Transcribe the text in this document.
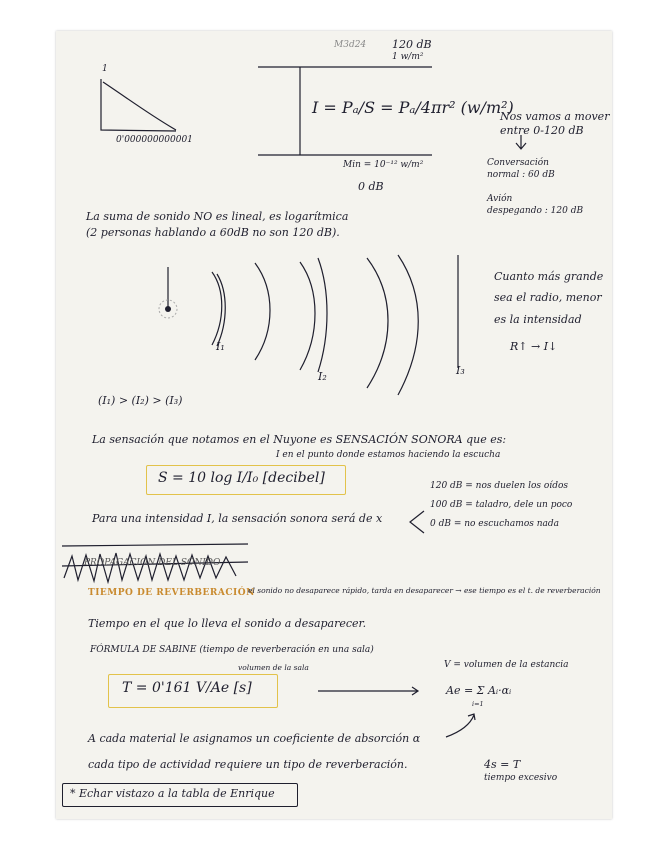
M3d24 120 dB
1 w/m²
1
0'000000000001
I = Pₐ/S = Pₐ/4πr² (w/m²)
Min = 10⁻¹² w/m²
0 dB
Nos vamos a mover
entre 0-120 dB
Conversación
normal : 60 dB
Avión
despegando : 120 dB
La suma de sonido NO es lineal, es logarítmica
(2 personas hablando a 60dB no son 120 dB).
I₁
I₂	I₃
Cuanto más grande
sea el radio, menor
es la intensidad
R↑ → I↓
(I₁) > (I₂) > (I₃)
La sensación que notamos en el Nuyone es SENSACIÓN SONORA que es:
I en el punto donde estamos haciendo la escucha
S = 10 log I/I₀ [decibel]
Para una intensidad I, la sensación sonora será de x
120 dB = nos duelen los oídos
100 dB = taladro, dele un poco
0 dB = no escuchamos nada
PROPAGACIÓN DEL SONIDO
TIEMPO DE REVERBERACIÓN
el sonido no desaparece rápido, tarda en desaparecer → ese tiempo es el t. de reverberación
Tiempo en el que lo lleva el sonido a desaparecer.
FÓRMULA DE SABINE (tiempo de reverberación en una sala)
volumen de la sala
T = 0'161 V/Ae [s]
V = volumen de la estancia
Ae = Σ Aᵢ·αᵢ
i=1
A cada material le asignamos un coeficiente de absorción α
cada tipo de actividad requiere un tipo de reverberación.	4s = T
tiempo excesivo
* Echar vistazo a la tabla de Enrique
